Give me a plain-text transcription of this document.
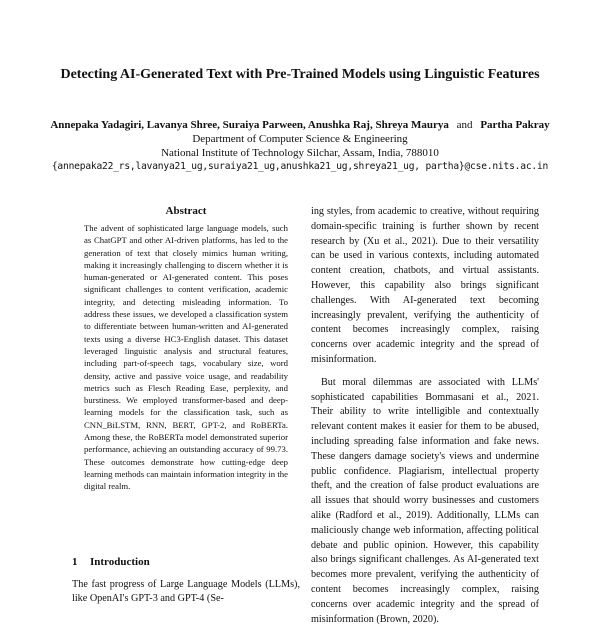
Detecting AI-Generated Text with Pre-Trained Models using Linguistic Features
Annepaka Yadagiri, Lavanya Shree, Suraiya Parween, Anushka Raj, Shreya Maurya and Partha Pakray
Department of Computer Science & Engineering
National Institute of Technology Silchar, Assam, India, 788010
{annepaka22_rs,lavanya21_ug,suraiya21_ug,anushka21_ug,shreya21_ug, partha}@cse.nits.ac.in
Abstract

The advent of sophisticated large language models, such as ChatGPT and other AI-driven platforms, has led to the generation of text that closely mimics human writing, making it increasingly challenging to discern whether it is human-generated or AI-generated content. This poses significant challenges to content verification, academic integrity, and detecting misleading information. To address these issues, we developed a classification system to differentiate between human-written and AI-generated texts using a diverse HC3-English dataset. This dataset leveraged linguistic analysis and structural features, including part-of-speech tags, vocabulary size, word density, active and passive voice usage, and readability metrics such as Flesch Reading Ease, perplexity, and burstiness. We employed transformer-based and deep-learning models for the classification task, such as CNN_BiLSTM, RNN, BERT, GPT-2, and RoBERTa. Among these, the RoBERTa model demonstrated superior performance, achieving an outstanding accuracy of 99.73. These outcomes demonstrate how cutting-edge deep learning methods can maintain information integrity in the digital realm.

1 Introduction
The fast progress of Large Language Models (LLMs), like OpenAI's GPT-3 and GPT-4 (Se-

ing styles, from academic to creative, without requiring domain-specific training is further shown by recent research by (Xu et al., 2021). Due to their versatility can be used in various contexts, including automated content creation, chatbots, and virtual assistants. However, this capability also brings significant challenges. With AI-generated text becoming increasingly prevalent, verifying the authenticity of content becomes increasingly complex, raising concerns over academic integrity and the spread of misinformation.

But moral dilemmas are associated with LLMs' sophisticated capabilities Bommasani et al., 2021. Their ability to write intelligible and contextually relevant content makes it easier for them to be abused, including spreading false information and fake news. These dangers damage society's views and undermine public confidence. Plagiarism, intellectual property theft, and the creation of false product evaluations are all issues that should worry businesses and customers alike (Radford et al., 2019). Additionally, LLMs can maliciously change web information, affecting political debate and public opinion. However, this capability also brings significant challenges. As AI-generated text becomes more prevalent, verifying the authenticity of content becomes increasingly complex, raising concerns over academic integrity and the spread of misinformation (Brown, 2020).
